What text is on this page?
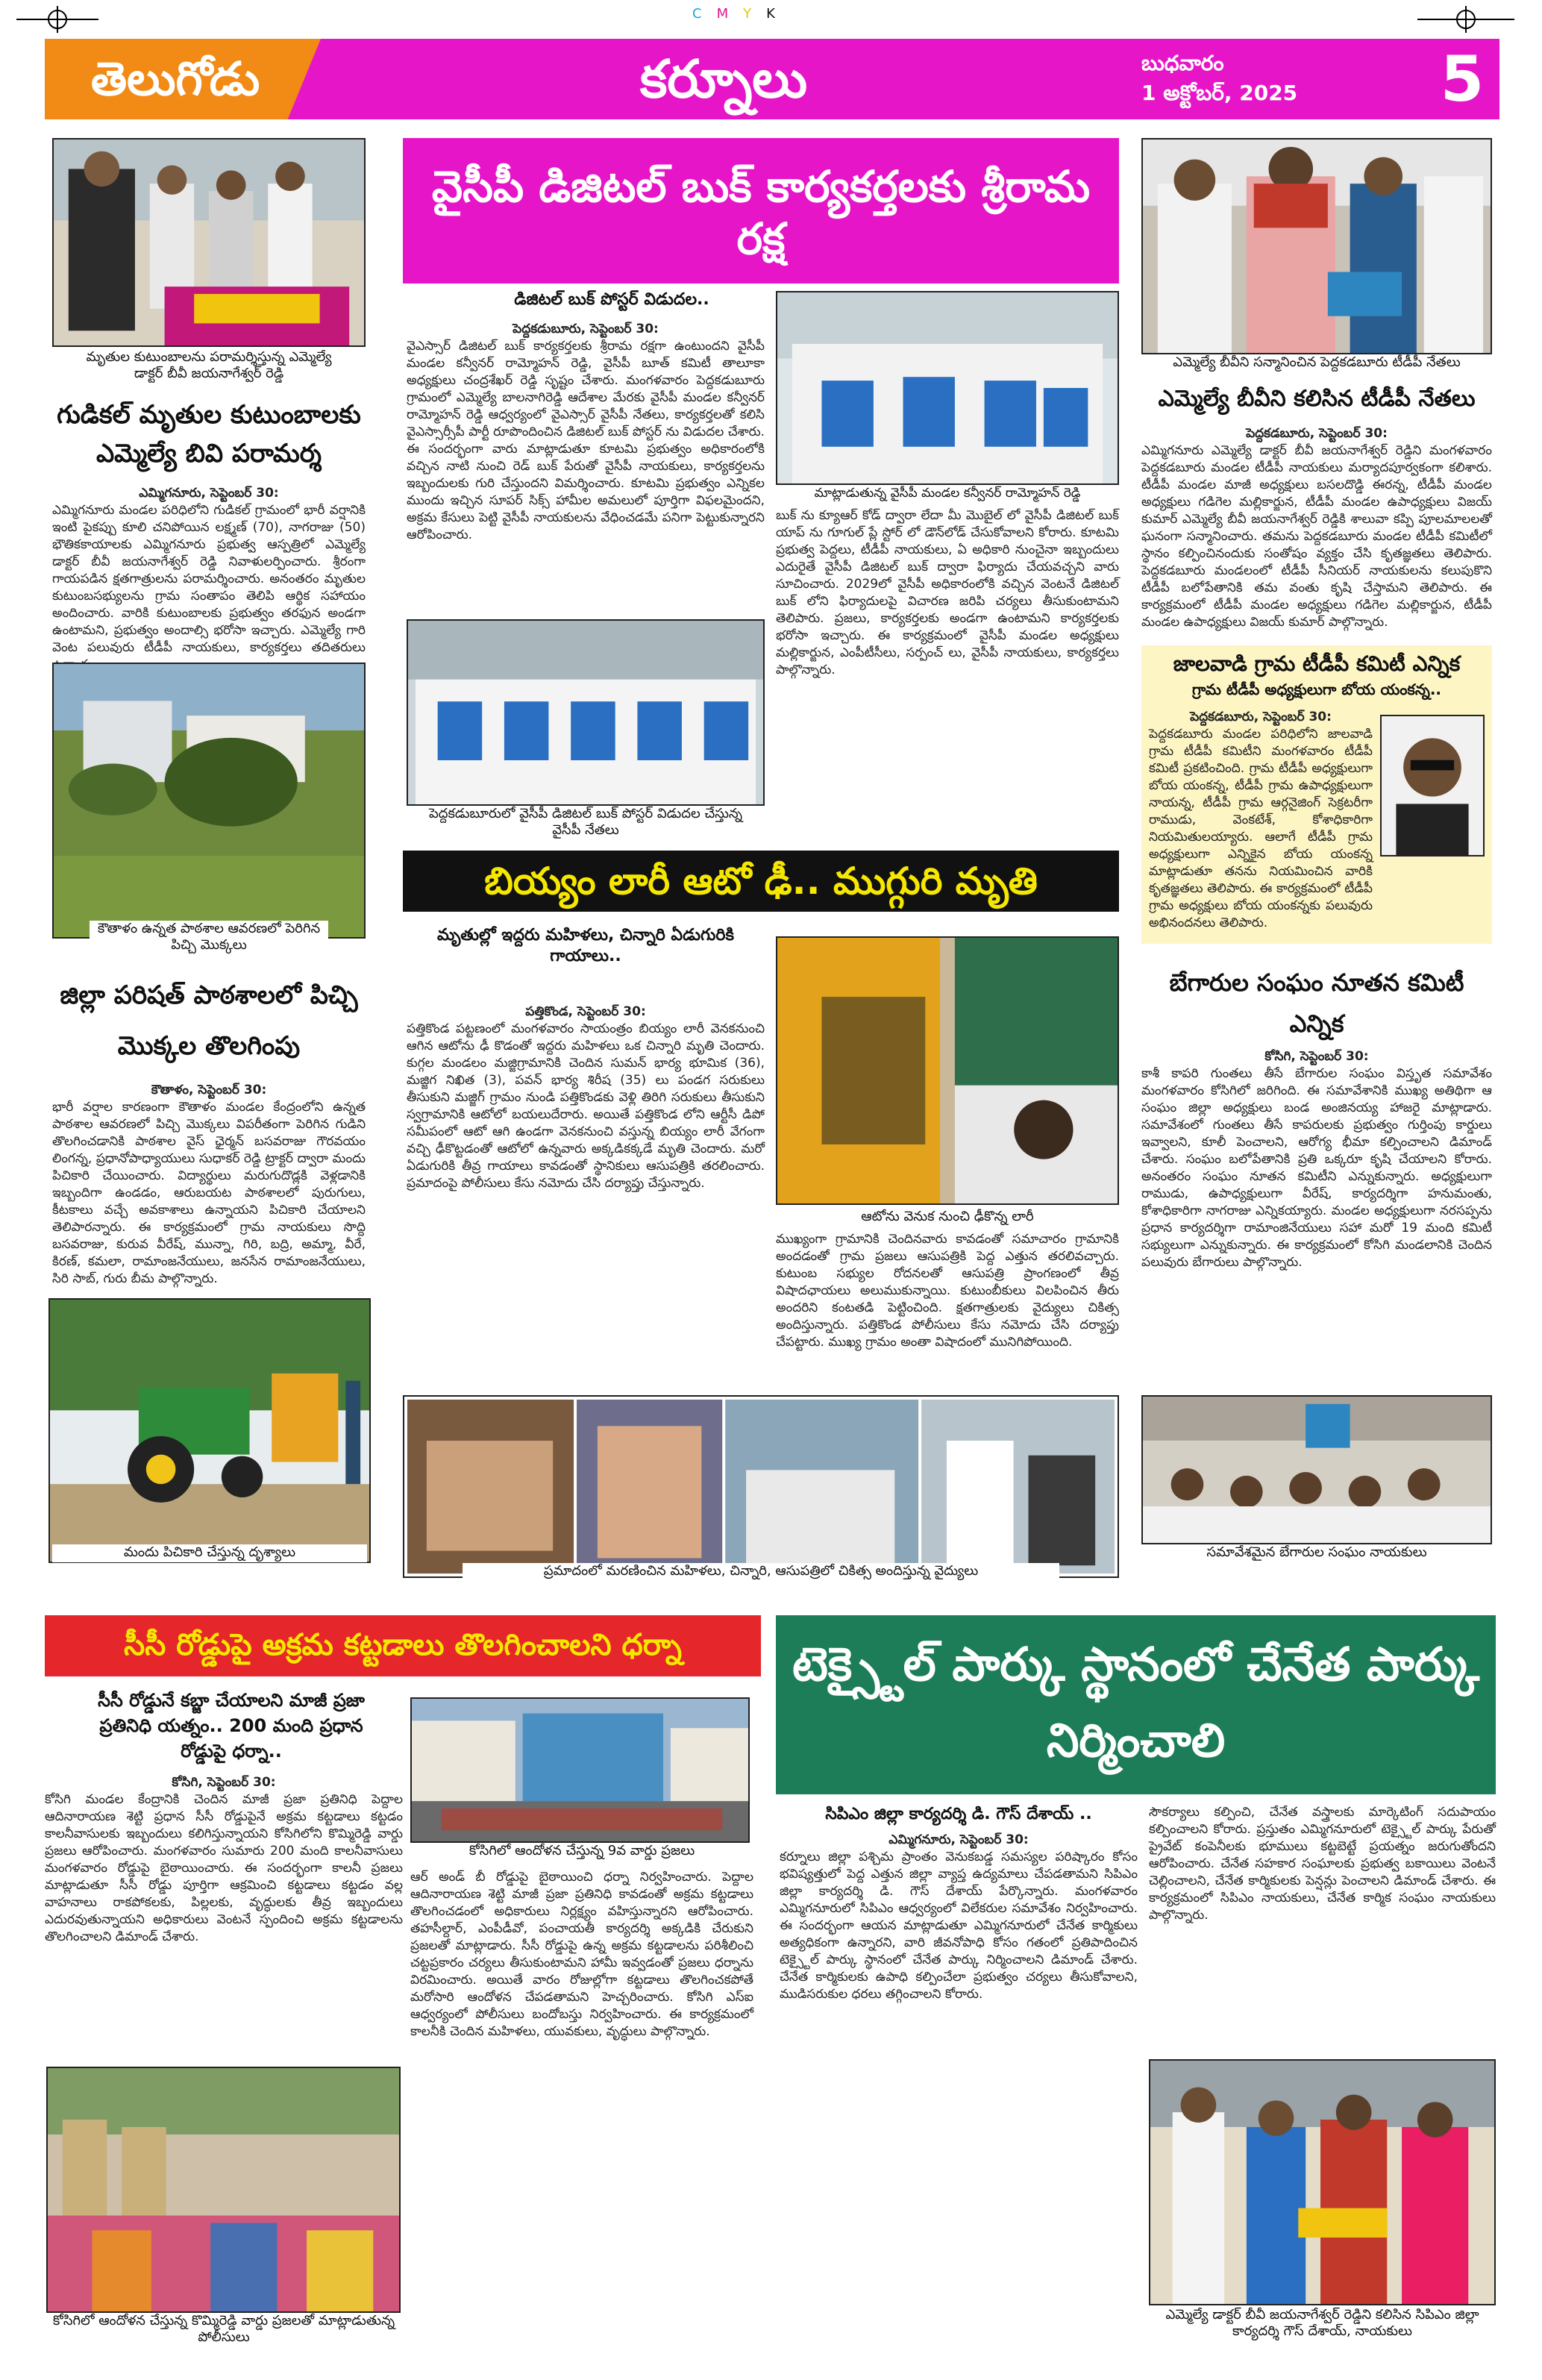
CMYK
తెలుగోడు	కర్నూలు	బుధవారం
1 అక్టోబర్, 2025	5
మృతుల కుటుంబాలను పరామర్శిస్తున్న ఎమ్మెల్యే డాక్టర్ బీవీ జయనాగేశ్వర్ రెడ్డి
గుడికల్ మృతుల కుటుంబాలకు ఎమ్మెల్యే బివి పరామర్శ
ఎమ్మిగనూరు, సెప్టెంబర్ 30:
ఎమ్మిగనూరు మండల పరిధిలోని గుడికల్ గ్రామంలో భారీ వర్షానికి ఇంటి పైకప్పు కూలి చనిపోయిన లక్ష్మణ్ (70), నాగరాజు (50) భౌతికకాయాలకు ఎమ్మిగనూరు ప్రభుత్వ ఆస్పత్రిలో ఎమ్మెల్యే డాక్టర్ బీవీ జయనాగేశ్వర్ రెడ్డి నివాళులర్పించారు. శ్రీరంగా గాయపడిన క్షతగాత్రులను పరామర్శించారు. అనంతరం మృతుల కుటుంబసభ్యులను గ్రామ సంతాపం తెలిపి ఆర్థిక సహాయం అందించారు. వారికి కుటుంబాలకు ప్రభుత్వం తరఫున అండగా ఉంటామని, ప్రభుత్వం అందాల్సి భరోసా ఇచ్చారు. ఎమ్మెల్యే గారి వెంట పలువురు టీడీపీ నాయకులు, కార్యకర్తలు తదితరులు
కౌతాళం ఉన్నత పాఠశాల ఆవరణలో పెరిగిన పిచ్చి మొక్కలు
జిల్లా పరిషత్ పాఠశాలలో పిచ్చి మొక్కల తొలగింపు
కౌతాళం, సెప్టెంబర్ 30:
భారీ వర్షాల కారణంగా కౌతాళం మండల కేంద్రంలోని ఉన్నత పాఠశాల ఆవరణలో పిచ్చి మొక్కలు విపరీతంగా పెరిగిన గుడిని తొలగించడానికి పాఠశాల వైస్ ఛైర్మన్ బసవరాజు గౌరవయం లింగన్న, ప్రధానోపాధ్యాయులు సుధాకర్ రెడ్డి ట్రాక్టర్ ద్వారా మందు పిచికారి చేయించారు. విద్యార్థులు మరుగుదొడ్లకి వెళ్లడానికి ఇబ్బందిగా ఉండడం, ఆరుబయట పాఠశాలలో పురుగులు, కీటకాలు వచ్చే అవకాశాలు ఉన్నాయని పిచికారి చేయాలని తెలిపారన్నారు. ఈ కార్యక్రమంలో గ్రామ నాయకులు సొద్ది బసవరాజు, కురువ వీరేష్, మున్నా, గిరి, బద్రి, అమ్మా, వీరే, కిరణ్, కమలా, రామాంజనేయులు, జనసేన రామాంజనేయులు, సిరి సాబ్, గురు బీమ పాల్గొన్నారు.
మందు పిచికారి చేస్తున్న దృశ్యాలు
వైసీపీ డిజిటల్ బుక్ కార్యకర్తలకు శ్రీరామ రక్ష
డిజిటల్ బుక్ పోస్టర్ విడుదల..
పెద్దకడుబూరు, సెప్టెంబర్ 30:
వైఎస్సార్ డిజిటల్ బుక్ కార్యకర్తలకు శ్రీరామ రక్షగా ఉంటుందని వైసీపీ మండల కన్వీనర్ రామ్మోహన్ రెడ్డి, వైసీపీ బూత్ కమిటీ తాలూకా అధ్యక్షులు చంద్రశేఖర్ రెడ్డి సృష్టం చేశారు. మంగళవారం పెద్దకడుబూరు గ్రామంలో ఎమ్మెల్యే బాలనాగిరెడ్డి ఆదేశాల మేరకు వైసీపీ మండల కన్వీనర్ రామ్మోహన్ రెడ్డి ఆధ్వర్యంలో వైఎస్సార్ వైసీపీ నేతలు, కార్యకర్తలతో కలిసి వైఎస్సార్సీపీ పార్టీ రూపొందించిన డిజిటల్ బుక్ పోస్టర్ ను విడుదల చేశారు. ఈ సందర్భంగా వారు మాట్లాడుతూ కూటమి ప్రభుత్వం అధికారంలోకి వచ్చిన నాటి నుంచి రెడ్ బుక్ పేరుతో వైసీపీ నాయకులు, కార్యకర్తలను ఇబ్బందులకు గురి చేస్తుందని విమర్శించారు. కూటమి ప్రభుత్వం ఎన్నికల ముందు ఇచ్చిన సూపర్ సిక్స్ హామీల అమలులో పూర్తిగా విఫలమైందని, అక్రమ కేసులు పెట్టి వైసీపీ నాయకులను వేధించడమే పనిగా పెట్టుకున్నారని ఆరోపించారు.
మాట్లాడుతున్న వైసీపీ మండల కన్వీనర్ రామ్మోహన్ రెడ్డి
బుక్ ను క్యూఆర్ కోడ్ ద్వారా లేదా మీ మొబైల్ లో వైసీపీ డిజిటల్ బుక్ యాప్ ను గూగుల్ ప్లే స్టోర్ లో డౌన్‌లోడ్ చేసుకోవాలని కోరారు. కూటమి ప్రభుత్వ పెద్దలు, టీడీపీ నాయకులు, ఏ అధికారి నుంచైనా ఇబ్బందులు ఎదురైతే వైసీపీ డిజిటల్ బుక్ ద్వారా ఫిర్యాదు చేయవచ్చని వారు సూచించారు. 2029లో వైసీపీ అధికారంలోకి వచ్చిన వెంటనే డిజిటల్ బుక్ లోని ఫిర్యాదులపై విచారణ జరిపి చర్యలు తీసుకుంటామని తెలిపారు. ప్రజలు, కార్యకర్తలకు అండగా ఉంటామని కార్యకర్తలకు భరోసా ఇచ్చారు. ఈ కార్యక్రమంలో వైసీపీ మండల అధ్యక్షులు మల్లికార్జున, ఎంపీటీసీలు, సర్పంచ్ లు, వైసీపీ నాయకులు, కార్యకర్తలు పాల్గొన్నారు.
పెద్దకడుబూరులో వైసీపీ డిజిటల్ బుక్ పోస్టర్ విడుదల చేస్తున్న వైసీపీ నేతలు
బియ్యం లారీ ఆటో ఢీ.. ముగ్గురి మృతి
మృతుల్లో ఇద్దరు మహిళలు, చిన్నారి ఏడుగురికి గాయాలు..
పత్తికొండ, సెప్టెంబర్ 30:
పత్తికొండ పట్టణంలో మంగళవారం సాయంత్రం బియ్యం లారీ వెనకనుంచి ఆగిన ఆటోను ఢీ కొడంతో ఇద్దరు మహిళలు ఒక చిన్నారి మృతి చెందారు. కుగ్గల మండలం మజ్జిగ్రామానికి చెందిన సుమన్ భార్య భూమిక (36), మజ్జిగ నిఖిత (3), పవన్ భార్య శిరీష (35) లు పండగ సరుకులు తీసుకుని మజ్జిగ్ గ్రామం నుండి పత్తికొండకు వెళ్లి తిరిగి సరుకులు తీసుకుని స్వగ్రామానికి ఆటోలో బయలుదేరారు. అయితే పత్తికొండ లోని ఆర్టీసీ డిపో సమీపంలో ఆటో ఆగి ఉండగా వెనకనుంచి వస్తున్న బియ్యం లారీ వేగంగా వచ్చి ఢీకొట్టడంతో ఆటోలో ఉన్నవారు అక్కడికక్కడే మృతి చెందారు. మరో ఏడుగురికి తీవ్ర గాయాలు కావడంతో స్థానికులు ఆసుపత్రికి తరలించారు. ప్రమాదంపై పోలీసులు కేసు నమోదు చేసి దర్యాప్తు చేస్తున్నారు.
ఆటోను వెనుక నుంచి ఢీకొన్న లారీ
ముఖ్యంగా గ్రామానికి చెందినవారు కావడంతో సమాచారం గ్రామానికి అందడంతో గ్రామ ప్రజలు ఆసుపత్రికి పెద్ద ఎత్తున తరలివచ్చారు. కుటుంబ సభ్యుల రోదనలతో ఆసుపత్రి ప్రాంగణంలో తీవ్ర విషాదఛాయలు అలుముకున్నాయి. కుటుంబీకులు విలపించిన తీరు అందరిని కంటతడి పెట్టించింది. క్షతగాత్రులకు వైద్యులు చికిత్స అందిస్తున్నారు. పత్తికొండ పోలీసులు కేసు నమోదు చేసి దర్యాప్తు చేపట్టారు. ముఖ్య గ్రామం అంతా విషాదంలో మునిగిపోయింది.
ప్రమాదంలో మరణించిన మహిళలు, చిన్నారి, ఆసుపత్రిలో చికిత్స అందిస్తున్న వైద్యులు
ఎమ్మెల్యే బీవీని సన్మానించిన పెద్దకడబూరు టీడీపీ నేతలు
ఎమ్మెల్యే బీవీని కలిసిన టీడీపీ నేతలు
పెద్దకడబూరు, సెప్టెంబర్ 30:
ఎమ్మిగనూరు ఎమ్మెల్యే డాక్టర్ బీవీ జయనాగేశ్వర్ రెడ్డిని మంగళవారం పెద్దకడబూరు మండల టీడీపీ నాయకులు మర్యాదపూర్వకంగా కలిశారు. టీడీపీ మండల మాజీ అధ్యక్షులు బసలదొడ్డి ఈరన్న, టీడీపీ మండల అధ్యక్షులు గడిగెల మల్లికార్జున, టీడీపీ మండల ఉపాధ్యక్షులు విజయ్ కుమార్ ఎమ్మెల్యే బీవీ జయనాగేశ్వర్ రెడ్డికి శాలువా కప్పి పూలమాలలతో ఘనంగా సన్మానించారు. తమను పెద్దకడబూరు మండల టీడీపీ కమిటీలో స్థానం కల్పించినందుకు సంతోషం వ్యక్తం చేసి కృతజ్ఞతలు తెలిపారు. పెద్దకడబూరు మండలంలో టీడీపీ సీనియర్ నాయకులను కలుపుకొని టీడీపీ బలోపేతానికి తమ వంతు కృషి చేస్తామని తెలిపారు. ఈ కార్యక్రమంలో టీడీపీ మండల అధ్యక్షులు గడిగెల మల్లికార్జున, టీడీపీ మండల ఉపాధ్యక్షులు విజయ్ కుమార్ పాల్గొన్నారు.
జాలవాడి గ్రామ టీడీపీ కమిటీ ఎన్నిక
గ్రామ టీడీపీ అధ్యక్షులుగా బోయ యంకన్న..
పెద్దకడబూరు, సెప్టెంబర్ 30:
పెద్దకడబూరు మండల పరిధిలోని జాలవాడి గ్రామ టీడీపీ కమిటీని మంగళవారం టీడీపీ కమిటీ ప్రకటించింది. గ్రామ టీడీపీ అధ్యక్షులుగా బోయ యంకన్న, టీడీపీ గ్రామ ఉపాధ్యక్షులుగా నాయన్న, టీడీపీ గ్రామ ఆర్గనైజింగ్ సెక్రటరీగా రాముడు, వెంకటేశ్, కోశాధికారిగా నియమితులయ్యారు. ఆలాగే టీడీపీ గ్రామ అధ్యక్షులుగా ఎన్నికైన బోయ యంకన్న మాట్లాడుతూ తనను నియమించిన వారికి కృతజ్ఞతలు తెలిపారు. ఈ కార్యక్రమంలో టీడీపీ గ్రామ అధ్యక్షులు బోయ యంకన్నకు పలువురు అభినందనలు తెలిపారు.
బేగారుల సంఘం నూతన కమిటీ ఎన్నిక
కోసిగి, సెప్టెంబర్ 30:
కాశీ కాపరి గుంతలు తీసే బేగారుల సంఘం విస్తృత సమావేశం మంగళవారం కోసిగిలో జరిగింది. ఈ సమావేశానికి ముఖ్య అతిథిగా ఆ సంఘం జిల్లా అధ్యక్షులు బండ అంజినయ్య హాజరై మాట్లాడారు. సమావేశంలో గుంతలు తీసే కాపరులకు ప్రభుత్వం గుర్తింపు కార్డులు ఇవ్వాలని, కూలీ పెంచాలని, ఆరోగ్య భీమా కల్పించాలని డిమాండ్ చేశారు. సంఘం బలోపేతానికి ప్రతి ఒక్కరూ కృషి చేయాలని కోరారు. అనంతరం సంఘం నూతన కమిటీని ఎన్నుకున్నారు. అధ్యక్షులుగా రాముడు, ఉపాధ్యక్షులుగా వీరేష్, కార్యదర్శిగా హనుమంతు, కోశాధికారిగా నాగరాజు ఎన్నికయ్యారు. మండల అధ్యక్షులుగా నరసప్పను ప్రధాన కార్యదర్శిగా రామాంజినేయులు సహా మరో 19 మంది కమిటీ సభ్యులుగా ఎన్నుకున్నారు. ఈ కార్యక్రమంలో కోసిగి మండలానికి చెందిన పలువురు బేగారులు పాల్గొన్నారు.
సమావేశమైన బేగారుల సంఘం నాయకులు
సీసీ రోడ్డుపై అక్రమ కట్టడాలు తొలగించాలని ధర్నా
సీసీ రోడ్డునే కబ్జా చేయాలని మాజీ ప్రజా ప్రతినిధి యత్నం.. 200 మంది ప్రధాన రోడ్డుపై ధర్నా..
కోసిగి, సెప్టెంబర్ 30:
కోసిగి మండల కేంద్రానికి చెందిన మాజీ ప్రజా ప్రతినిధి పెద్దాల ఆదినారాయణ శెట్టి ప్రధాన సీసీ రోడ్డుపైనే అక్రమ కట్టడాలు కట్టడం కాలనీవాసులకు ఇబ్బందులు కలిగిస్తున్నాయని కోసిగిలోని కొమ్మిరెడ్డి వార్డు ప్రజలు ఆరోపించారు. మంగళవారం సుమారు 200 మంది కాలనీవాసులు మంగళవారం రోడ్డుపై బైఠాయించారు. ఈ సందర్భంగా కాలనీ ప్రజలు మాట్లాడుతూ సీసీ రోడ్డు పూర్తిగా ఆక్రమించి కట్టడాలు కట్టడం వల్ల వాహనాలు రాకపోకలకు, పిల్లలకు, వృద్ధులకు తీవ్ర ఇబ్బందులు ఎదురవుతున్నాయని అధికారులు వెంటనే స్పందించి అక్రమ కట్టడాలను తొలగించాలని డిమాండ్ చేశారు.
కోసిగిలో ఆందోళన చేస్తున్న 9వ వార్డు ప్రజలు
ఆర్ అండ్ బీ రోడ్డుపై బైఠాయించి ధర్నా నిర్వహించారు. పెద్దాల ఆదినారాయణ శెట్టి మాజీ ప్రజా ప్రతినిధి కావడంతో అక్రమ కట్టడాలు తొలగించడంలో అధికారులు నిర్లక్ష్యం వహిస్తున్నారని ఆరోపించారు. తహసీల్దార్, ఎంపీడీవో, పంచాయతీ కార్యదర్శి అక్కడికి చేరుకుని ప్రజలతో మాట్లాడారు. సీసీ రోడ్డుపై ఉన్న అక్రమ కట్టడాలను పరిశీలించి చట్టప్రకారం చర్యలు తీసుకుంటామని హామీ ఇవ్వడంతో ప్రజలు ధర్నాను విరమించారు. అయితే వారం రోజుల్లోగా కట్టడాలు తొలగించకపోతే మరోసారి ఆందోళన చేపడతామని హెచ్చరించారు. కోసిగి ఎస్ఐ ఆధ్వర్యంలో పోలీసులు బందోబస్తు నిర్వహించారు. ఈ కార్యక్రమంలో కాలనీకి చెందిన మహిళలు, యువకులు, వృద్ధులు పాల్గొన్నారు.
కోసిగిలో ఆందోళన చేస్తున్న కొమ్మిరెడ్డి వార్డు ప్రజలతో మాట్లాడుతున్న పోలీసులు
టెక్స్టైల్ పార్కు స్థానంలో చేనేత పార్కు నిర్మించాలి
సిపిఎం జిల్లా కార్యదర్శి డి. గౌస్ దేశాయ్ ..
ఎమ్మిగనూరు, సెప్టెంబర్ 30:
కర్నూలు జిల్లా పశ్చిమ ప్రాంతం వెనుకబడ్డ సమస్యల పరిష్కారం కోసం భవిష్యత్తులో పెద్ద ఎత్తున జిల్లా వ్యాప్త ఉద్యమాలు చేపడతామని సిపిఎం జిల్లా కార్యదర్శి డి. గౌస్ దేశాయ్ పేర్కొన్నారు. మంగళవారం ఎమ్మిగనూరులో సిపిఎం ఆధ్వర్యంలో విలేకరుల సమావేశం నిర్వహించారు. ఈ సందర్భంగా ఆయన మాట్లాడుతూ ఎమ్మిగనూరులో చేనేత కార్మికులు అత్యధికంగా ఉన్నారని, వారి జీవనోపాధి కోసం గతంలో ప్రతిపాదించిన టెక్స్టైల్ పార్కు స్థానంలో చేనేత పార్కు నిర్మించాలని డిమాండ్ చేశారు. చేనేత కార్మికులకు ఉపాధి కల్పించేలా ప్రభుత్వం చర్యలు తీసుకోవాలని, ముడిసరుకుల ధరలు తగ్గించాలని కోరారు.
సౌకర్యాలు కల్పించి, చేనేత వస్త్రాలకు మార్కెటింగ్ సదుపాయం కల్పించాలని కోరారు. ప్రస్తుతం ఎమ్మిగనూరులో టెక్స్టైల్ పార్కు పేరుతో ప్రైవేట్ కంపెనీలకు భూములు కట్టబెట్టే ప్రయత్నం జరుగుతోందని ఆరోపించారు. చేనేత సహకార సంఘాలకు ప్రభుత్వ బకాయిలు వెంటనే చెల్లించాలని, చేనేత కార్మికులకు పెన్షన్లు పెంచాలని డిమాండ్ చేశారు. ఈ కార్యక్రమంలో సిపిఎం నాయకులు, చేనేత కార్మిక సంఘం నాయకులు పాల్గొన్నారు.
ఎమ్మెల్యే డాక్టర్ బీవీ జయనాగేశ్వర్ రెడ్డిని కలిసిన సిపిఎం జిల్లా కార్యదర్శి గౌస్ దేశాయ్, నాయకులు
